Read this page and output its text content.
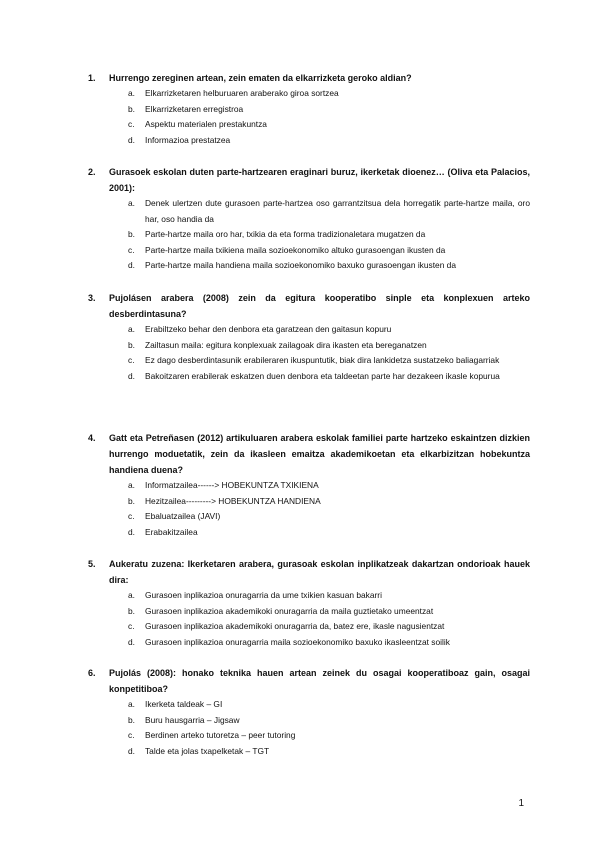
1.	Hurrengo zereginen artean, zein ematen da elkarrizketa geroko aldian?
a.	Elkarrizketaren helburuaren araberako giroa sortzea
b.	Elkarrizketaren erregistroa
c.	Aspektu materialen prestakuntza
d.	Informazioa prestatzea
2.	Gurasoek eskolan duten parte-hartzearen eraginari buruz, ikerketak dioenez… (Oliva eta Palacios, 2001):
a.	Denek ulertzen dute gurasoen parte-hartzea oso garrantzitsua dela horregatik parte-hartze maila, oro har, oso handia da
b.	Parte-hartze maila oro har, txikia da eta forma tradizionaletara mugatzen da
c.	Parte-hartze maila txikiena maila sozioekonomiko altuko gurasoengan ikusten da
d.	Parte-hartze maila handiena maila sozioekonomiko baxuko gurasoengan ikusten da
3.	Pujolásen arabera (2008) zein da egitura kooperatibo sinple eta konplexuen arteko desberdintasuna?
a.	Erabiltzeko behar den denbora eta garatzean den gaitasun kopuru
b.	Zailtasun maila: egitura konplexuak zailagoak dira ikasten eta bereganatzen
c.	Ez dago desberdintasunik erabileraren ikuspuntutik, biak dira lankidetza sustatzeko baliagarriak
d.	Bakoitzaren erabilerak eskatzen duen denbora eta taldeetan parte har dezakeen ikasle kopurua
4.	Gatt eta Petreñasen (2012) artikuluaren arabera eskolak familiei parte hartzeko eskaintzen dizkien hurrengo moduetatik, zein da ikasleen emaitza akademikoetan eta elkarbizitzan hobekuntza handiena duena?
a.	Informatzailea------> HOBEKUNTZA TXIKIENA
b.	Hezitzailea---------> HOBEKUNTZA HANDIENA
c.	Ebaluatzailea (JAVI)
d.	Erabakitzailea
5.	Aukeratu zuzena: Ikerketaren arabera, gurasoak eskolan inplikatzeak dakartzan ondorioak hauek dira:
a.	Gurasoen inplikazioa onuragarria da ume txikien kasuan bakarri
b.	Gurasoen inplikazioa akademikoki onuragarria da maila guztietako umeentzat
c.	Gurasoen inplikazioa akademikoki onuragarria da, batez ere, ikasle nagusientzat
d.	Gurasoen inplikazioa onuragarria maila sozioekonomiko baxuko ikasleentzat soilik
6.	Pujolás (2008): honako teknika hauen artean zeinek du osagai kooperatiboaz gain, osagai konpetitiboa?
a.	Ikerketa taldeak – GI
b.	Buru hausgarria – Jigsaw
c.	Berdinen arteko tutoretza – peer tutoring
d.	Talde eta jolas txapelketak – TGT
1
